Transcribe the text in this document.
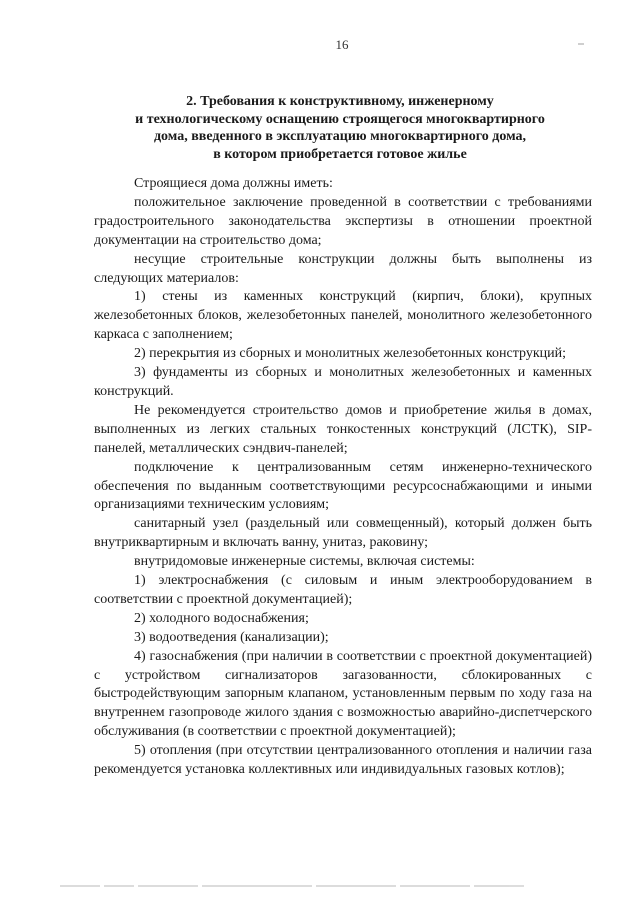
16
2. Требования к конструктивному, инженерному
и технологическому оснащению строящегося многоквартирного
дома, введенного в эксплуатацию многоквартирного дома,
в котором приобретается готовое жилье

Строящиеся дома должны иметь:

положительное заключение проведенной в соответствии с требованиями градостроительного законодательства экспертизы в отношении проектной документации на строительство дома;

несущие строительные конструкции должны быть выполнены из следующих материалов:

1) стены из каменных конструкций (кирпич, блоки), крупных железобетонных блоков, железобетонных панелей, монолитного железобетонного каркаса с заполнением;

2) перекрытия из сборных и монолитных железобетонных конструкций;

3) фундаменты из сборных и монолитных железобетонных и каменных конструкций.

Не рекомендуется строительство домов и приобретение жилья в домах, выполненных из легких стальных тонкостенных конструкций (ЛСТК), SIP-панелей, металлических сэндвич-панелей;

подключение к централизованным сетям инженерно-технического обеспечения по выданным соответствующими ресурсоснабжающими и иными организациями техническим условиям;

санитарный узел (раздельный или совмещенный), который должен быть внутриквартирным и включать ванну, унитаз, раковину;

внутридомовые инженерные системы, включая системы:

1) электроснабжения (с силовым и иным электрооборудованием в соответствии с проектной документацией);

2) холодного водоснабжения;

3) водоотведения (канализации);

4) газоснабжения (при наличии в соответствии с проектной документацией) с устройством сигнализаторов загазованности, сблокированных с быстродействующим запорным клапаном, установленным первым по ходу газа на внутреннем газопроводе жилого здания с возможностью аварийно-диспетчерского обслуживания (в соответствии с проектной документацией);

5) отопления (при отсутствии централизованного отопления и наличии газа рекомендуется установка коллективных или индивидуальных газовых котлов);
